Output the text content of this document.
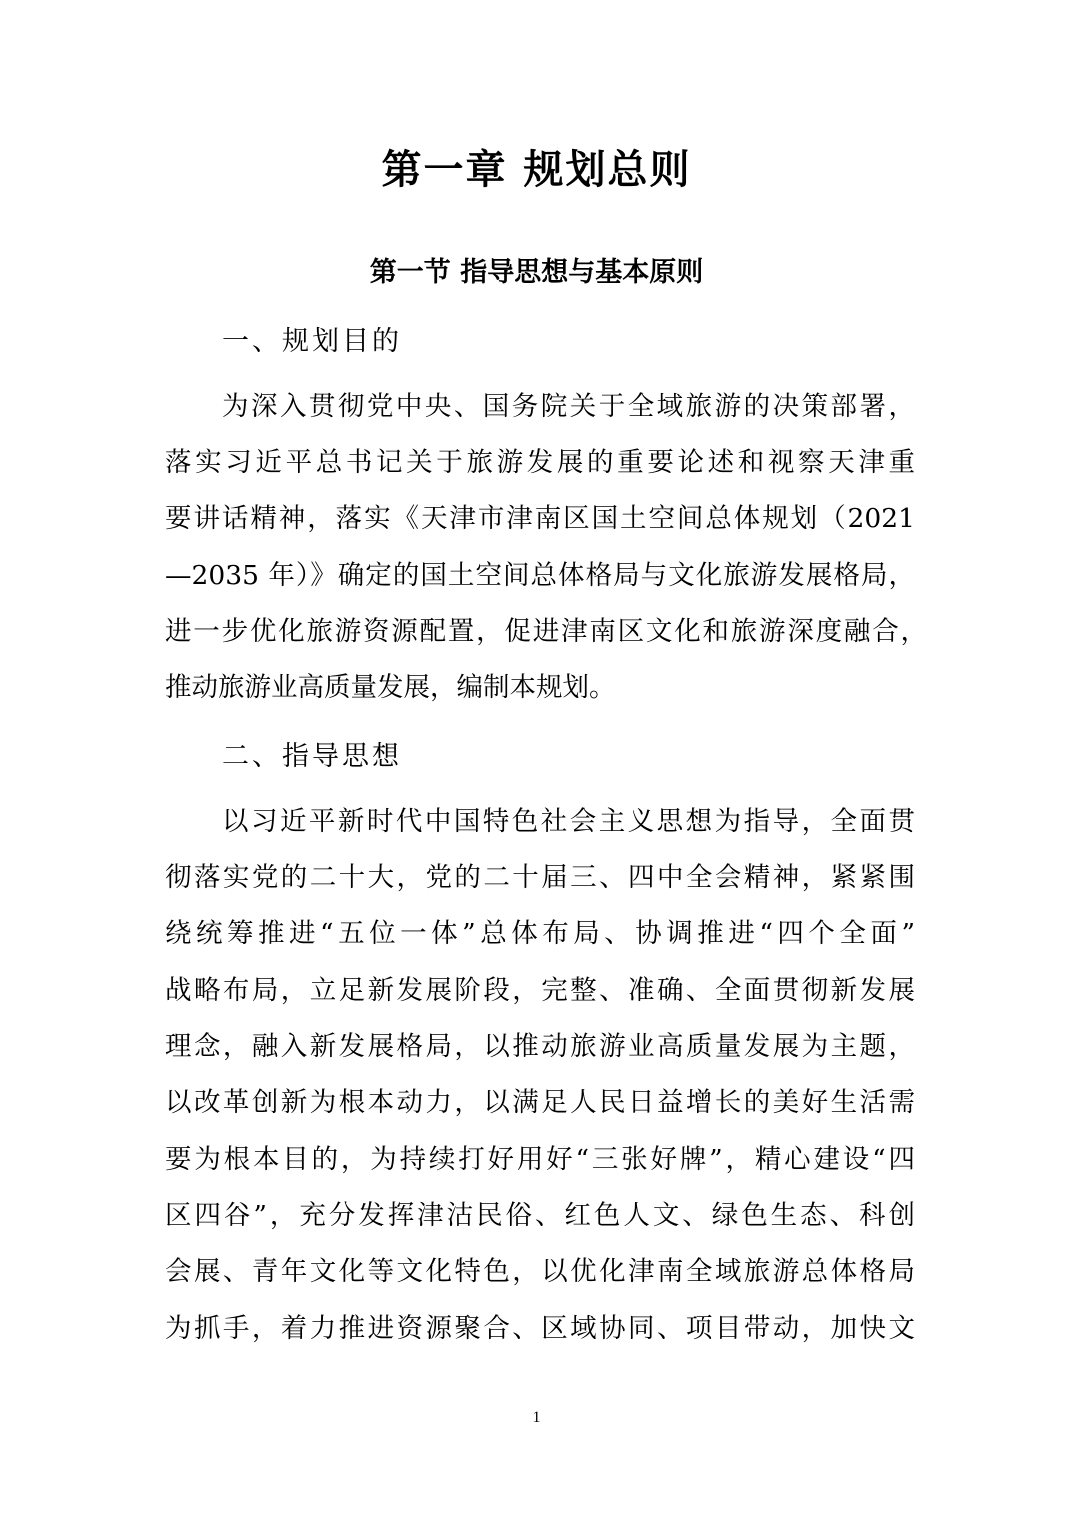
第一章 规划总则
第一节 指导思想与基本原则
一、规划目的

为深入贯彻党中央、国务院关于全域旅游的决策部署，

落实习近平总书记关于旅游发展的重要论述和视察天津重

要讲话精神，落实《天津市津南区国土空间总体规划（2021

—2035 年）》确定的国土空间总体格局与文化旅游发展格局，

进一步优化旅游资源配置，促进津南区文化和旅游深度融合，

推动旅游业高质量发展，编制本规划。

二、指导思想

以习近平新时代中国特色社会主义思想为指导，全面贯

彻落实党的二十大，党的二十届三、四中全会精神，紧紧围

绕统筹推进“五位一体”总体布局、协调推进“四个全面”

战略布局，立足新发展阶段，完整、准确、全面贯彻新发展

理念，融入新发展格局，以推动旅游业高质量发展为主题，

以改革创新为根本动力，以满足人民日益增长的美好生活需

要为根本目的，为持续打好用好“三张好牌”，精心建设“四

区四谷”，充分发挥津沽民俗、红色人文、绿色生态、科创

会展、青年文化等文化特色，以优化津南全域旅游总体格局

为抓手，着力推进资源聚合、区域协同、项目带动，加快文

1
